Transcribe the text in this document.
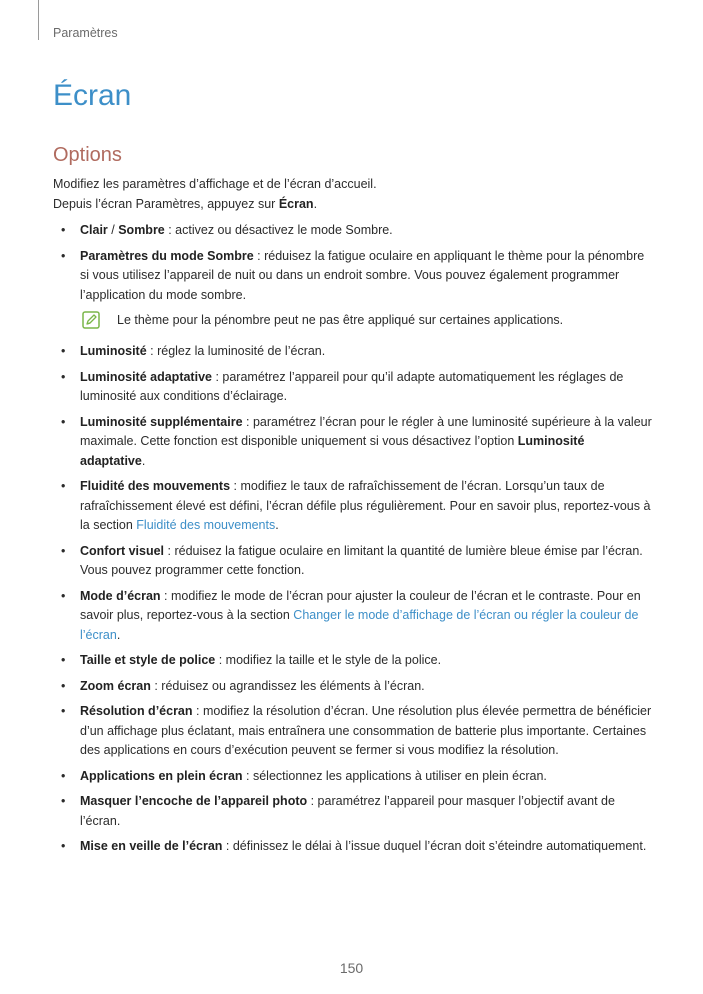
Paramètres
Écran
Options

Modifiez les paramètres d’affichage et de l’écran d’accueil.

Depuis l’écran Paramètres, appuyez sur Écran.

• Clair / Sombre : activez ou désactivez le mode Sombre.
• Paramètres du mode Sombre : réduisez la fatigue oculaire en appliquant le thème pour la pénombre si vous utilisez l’appareil de nuit ou dans un endroit sombre. Vous pouvez également programmer l’application du mode sombre.
Le thème pour la pénombre peut ne pas être appliqué sur certaines applications.
• Luminosité : réglez la luminosité de l’écran.
• Luminosité adaptative : paramétrez l’appareil pour qu’il adapte automatiquement les réglages de luminosité aux conditions d’éclairage.
• Luminosité supplémentaire : paramétrez l’écran pour le régler à une luminosité supérieure à la valeur maximale. Cette fonction est disponible uniquement si vous désactivez l’option Luminosité adaptative.
• Fluidité des mouvements : modifiez le taux de rafraîchissement de l’écran. Lorsqu’un taux de rafraîchissement élevé est défini, l’écran défile plus régulièrement. Pour en savoir plus, reportez-vous à la section Fluidité des mouvements.
• Confort visuel : réduisez la fatigue oculaire en limitant la quantité de lumière bleue émise par l’écran. Vous pouvez programmer cette fonction.
• Mode d’écran : modifiez le mode de l’écran pour ajuster la couleur de l’écran et le contraste. Pour en savoir plus, reportez-vous à la section Changer le mode d’affichage de l’écran ou régler la couleur de l’écran.
• Taille et style de police : modifiez la taille et le style de la police.
• Zoom écran : réduisez ou agrandissez les éléments à l’écran.
• Résolution d’écran : modifiez la résolution d’écran. Une résolution plus élevée permettra de bénéficier d’un affichage plus éclatant, mais entraînera une consommation de batterie plus importante. Certaines des applications en cours d’exécution peuvent se fermer si vous modifiez la résolution.
• Applications en plein écran : sélectionnez les applications à utiliser en plein écran.
• Masquer l’encoche de l’appareil photo : paramétrez l’appareil pour masquer l’objectif avant de l’écran.
• Mise en veille de l’écran : définissez le délai à l’issue duquel l’écran doit s’éteindre automatiquement.
150
